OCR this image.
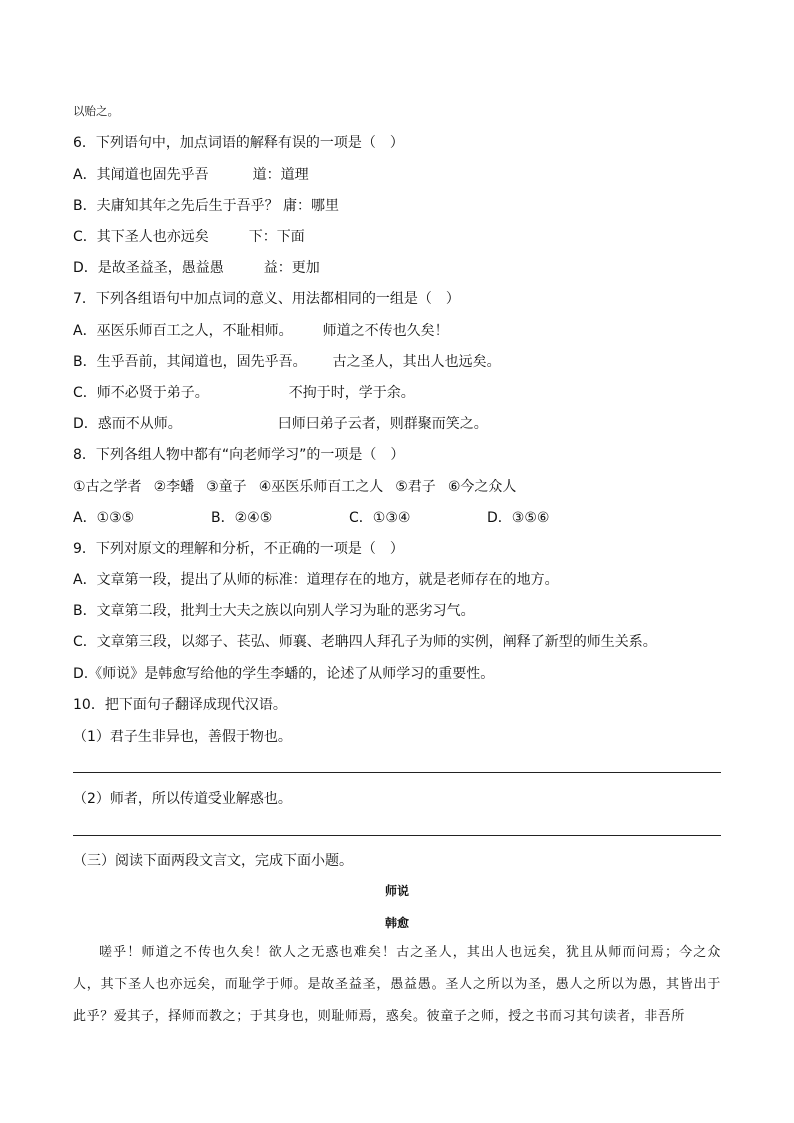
以贻之。
6．下列语句中，加点词语的解释有误的一项是（　）
A．其闻道也固先乎吾	道：道理
B．夫庸知其年之先后生于吾乎？ 庸：哪里
C．其下圣人也亦远矣	下：下面
D．是故圣益圣，愚益愚	益：更加
7．下列各组语句中加点词的意义、用法都相同的一组是（　）
A．巫医乐师百工之人，不耻相师。 师道之不传也久矣！
B．生乎吾前，其闻道也，固先乎吾。 古之圣人，其出人也远矣。
C．师不必贤于弟子。	不拘于时，学于余。
D．惑而不从师。	曰师曰弟子云者，则群聚而笑之。
8．下列各组人物中都有“向老师学习”的一项是（　）
①古之学者 ②李蟠 ③童子 ④巫医乐师百工之人 ⑤君子 ⑥今之众人
A．①③⑤	B．②④⑤	C．①③④	D．③⑤⑥
9．下列对原文的理解和分析，不正确的一项是（　）
A．文章第一段，提出了从师的标准：道理存在的地方，就是老师存在的地方。
B．文章第二段，批判士大夫之族以向别人学习为耻的恶劣习气。
C．文章第三段，以郯子、苌弘、师襄、老聃四人拜孔子为师的实例，阐释了新型的师生关系。
D.《师说》是韩愈写给他的学生李蟠的，论述了从师学习的重要性。
10．把下面句子翻译成现代汉语。
（1）君子生非异也，善假于物也。
（2）师者，所以传道受业解惑也。
（三）阅读下面两段文言文，完成下面小题。
师说
韩愈
嗟乎！师道之不传也久矣！欲人之无惑也难矣！古之圣人，其出人也远矣，犹且从师而问焉；今之众人，其下圣人也亦远矣，而耻学于师。是故圣益圣，愚益愚。圣人之所以为圣，愚人之所以为愚，其皆出于此乎？爱其子，择师而教之；于其身也，则耻师焉，惑矣。彼童子之师，授之书而习其句读者，非吾所
